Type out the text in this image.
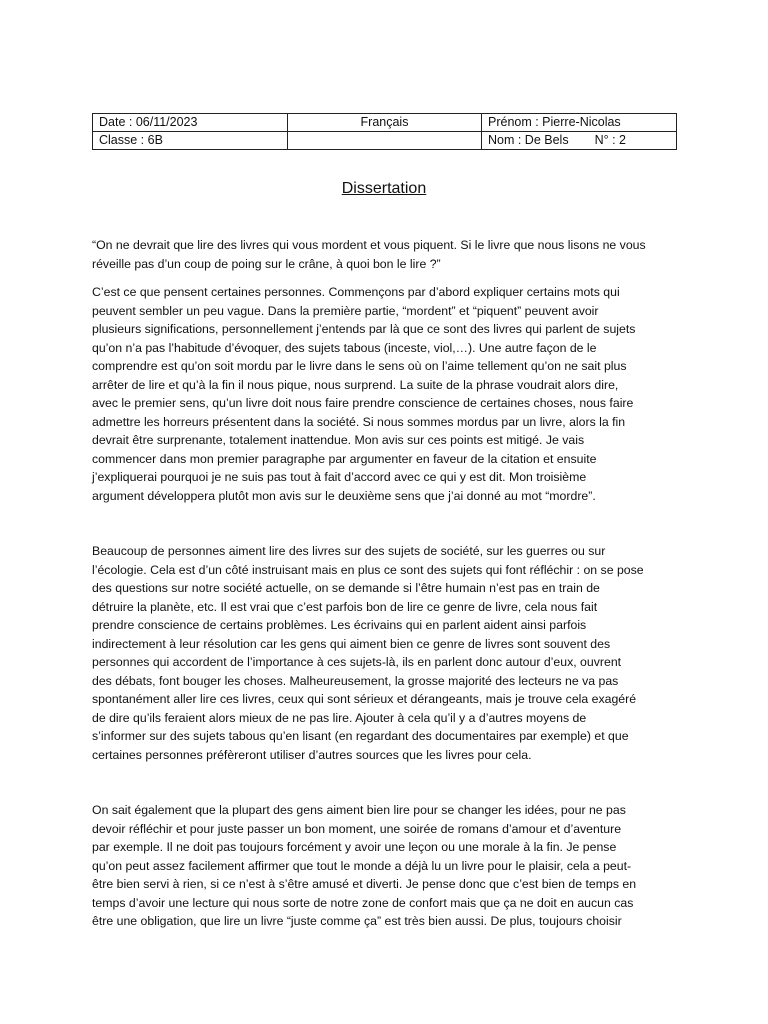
Date : 06/11/2023	Français	Prénom : Pierre-Nicolas
Classe : 6B		Nom : De Bels N° : 2
Dissertation

“On ne devrait que lire des livres qui vous mordent et vous piquent. Si le livre que nous lisons ne vous
réveille pas d’un coup de poing sur le crâne, à quoi bon le lire ?”

C’est ce que pensent certaines personnes. Commençons par d’abord expliquer certains mots qui
peuvent sembler un peu vague. Dans la première partie, “mordent” et “piquent” peuvent avoir
plusieurs significations, personnellement j’entends par là que ce sont des livres qui parlent de sujets
qu’on n’a pas l’habitude d’évoquer, des sujets tabous (inceste, viol,…). Une autre façon de le
comprendre est qu’on soit mordu par le livre dans le sens où on l’aime tellement qu’on ne sait plus
arrêter de lire et qu’à la fin il nous pique, nous surprend. La suite de la phrase voudrait alors dire,
avec le premier sens, qu’un livre doit nous faire prendre conscience de certaines choses, nous faire
admettre les horreurs présentent dans la société. Si nous sommes mordus par un livre, alors la fin
devrait être surprenante, totalement inattendue. Mon avis sur ces points est mitigé. Je vais
commencer dans mon premier paragraphe par argumenter en faveur de la citation et ensuite
j’expliquerai pourquoi je ne suis pas tout à fait d’accord avec ce qui y est dit. Mon troisième
argument développera plutôt mon avis sur le deuxième sens que j’ai donné au mot “mordre”.

Beaucoup de personnes aiment lire des livres sur des sujets de société, sur les guerres ou sur
l’écologie. Cela est d’un côté instruisant mais en plus ce sont des sujets qui font réfléchir : on se pose
des questions sur notre société actuelle, on se demande si l’être humain n’est pas en train de
détruire la planète, etc. Il est vrai que c’est parfois bon de lire ce genre de livre, cela nous fait
prendre conscience de certains problèmes. Les écrivains qui en parlent aident ainsi parfois
indirectement à leur résolution car les gens qui aiment bien ce genre de livres sont souvent des
personnes qui accordent de l’importance à ces sujets-là, ils en parlent donc autour d’eux, ouvrent
des débats, font bouger les choses. Malheureusement, la grosse majorité des lecteurs ne va pas
spontanément aller lire ces livres, ceux qui sont sérieux et dérangeants, mais je trouve cela exagéré
de dire qu’ils feraient alors mieux de ne pas lire. Ajouter à cela qu’il y a d’autres moyens de
s’informer sur des sujets tabous qu’en lisant (en regardant des documentaires par exemple) et que
certaines personnes préfèreront utiliser d’autres sources que les livres pour cela.

On sait également que la plupart des gens aiment bien lire pour se changer les idées, pour ne pas
devoir réfléchir et pour juste passer un bon moment, une soirée de romans d’amour et d’aventure
par exemple. Il ne doit pas toujours forcément y avoir une leçon ou une morale à la fin. Je pense
qu’on peut assez facilement affirmer que tout le monde a déjà lu un livre pour le plaisir, cela a peut-
être bien servi à rien, si ce n’est à s’être amusé et diverti. Je pense donc que c’est bien de temps en
temps d’avoir une lecture qui nous sorte de notre zone de confort mais que ça ne doit en aucun cas
être une obligation, que lire un livre “juste comme ça” est très bien aussi. De plus, toujours choisir
